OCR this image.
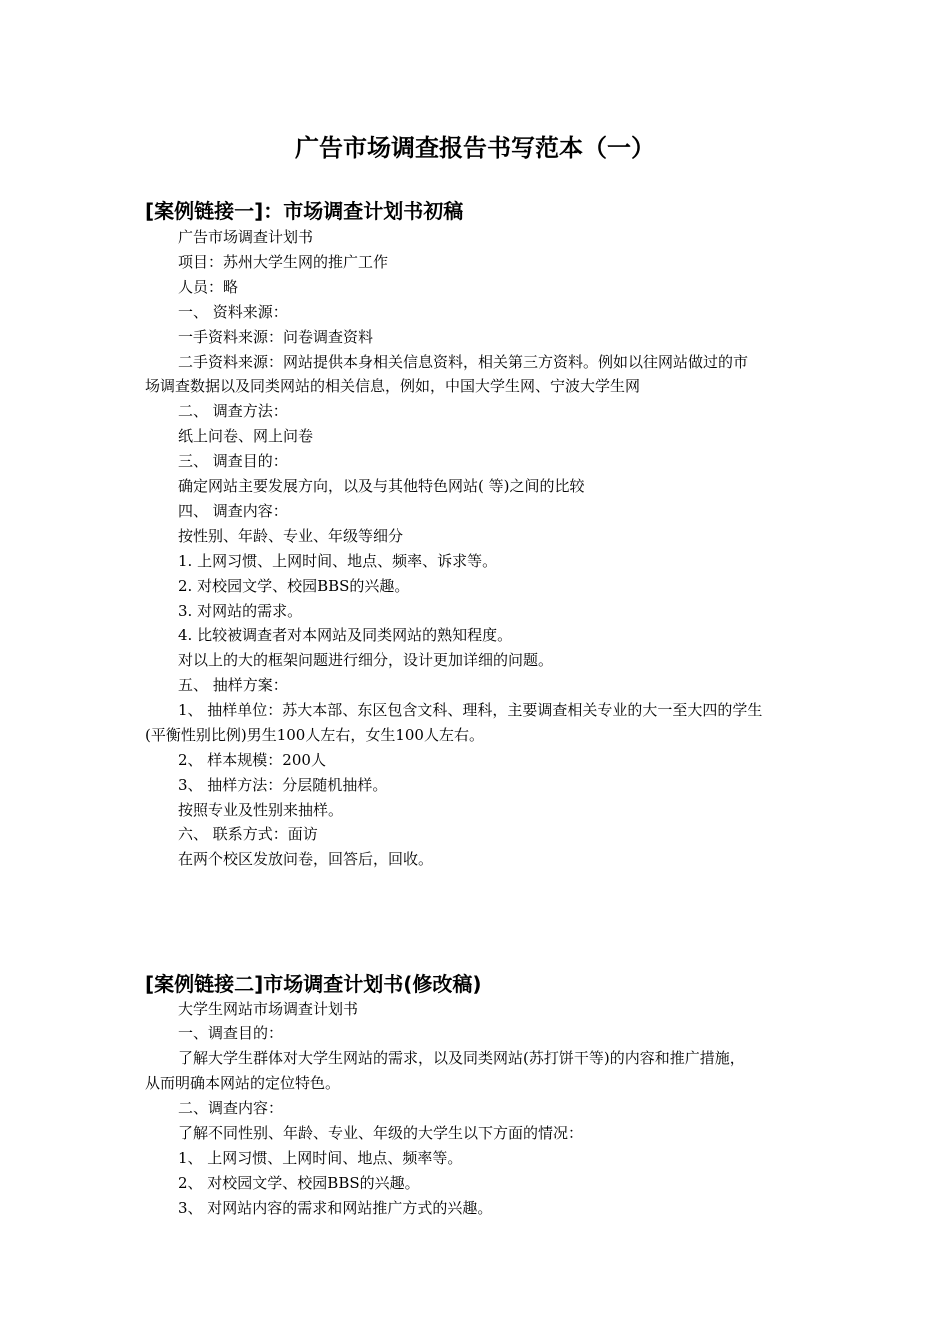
广告市场调查报告书写范本（一）
[案例链接一]：市场调查计划书初稿
广告市场调查计划书
项目：苏州大学生网的推广工作
人员：略
一、 资料来源：
一手资料来源：问卷调查资料
二手资料来源：网站提供本身相关信息资料，相关第三方资料。例如以往网站做过的市
场调查数据以及同类网站的相关信息，例如，中国大学生网、宁波大学生网
二、 调查方法：
纸上问卷、网上问卷
三、 调查目的：
确定网站主要发展方向，以及与其他特色网站( 等)之间的比较
四、 调查内容：
按性别、年龄、专业、年级等细分
1. 上网习惯、上网时间、地点、频率、诉求等。
2. 对校园文学、校园BBS的兴趣。
3. 对网站的需求。
4. 比较被调查者对本网站及同类网站的熟知程度。
对以上的大的框架问题进行细分，设计更加详细的问题。
五、 抽样方案：
1、 抽样单位：苏大本部、东区包含文科、理科，主要调查相关专业的大一至大四的学生
(平衡性别比例)男生100人左右，女生100人左右。
2、 样本规模：200人
3、 抽样方法：分层随机抽样。
按照专业及性别来抽样。
六、 联系方式：面访
在两个校区发放问卷，回答后，回收。
[案例链接二]市场调查计划书(修改稿)
大学生网站市场调查计划书
一、调查目的：
了解大学生群体对大学生网站的需求，以及同类网站(苏打饼干等)的内容和推广措施，
从而明确本网站的定位特色。
二、调查内容：
了解不同性别、年龄、专业、年级的大学生以下方面的情况：
1、 上网习惯、上网时间、地点、频率等。
2、 对校园文学、校园BBS的兴趣。
3、 对网站内容的需求和网站推广方式的兴趣。
